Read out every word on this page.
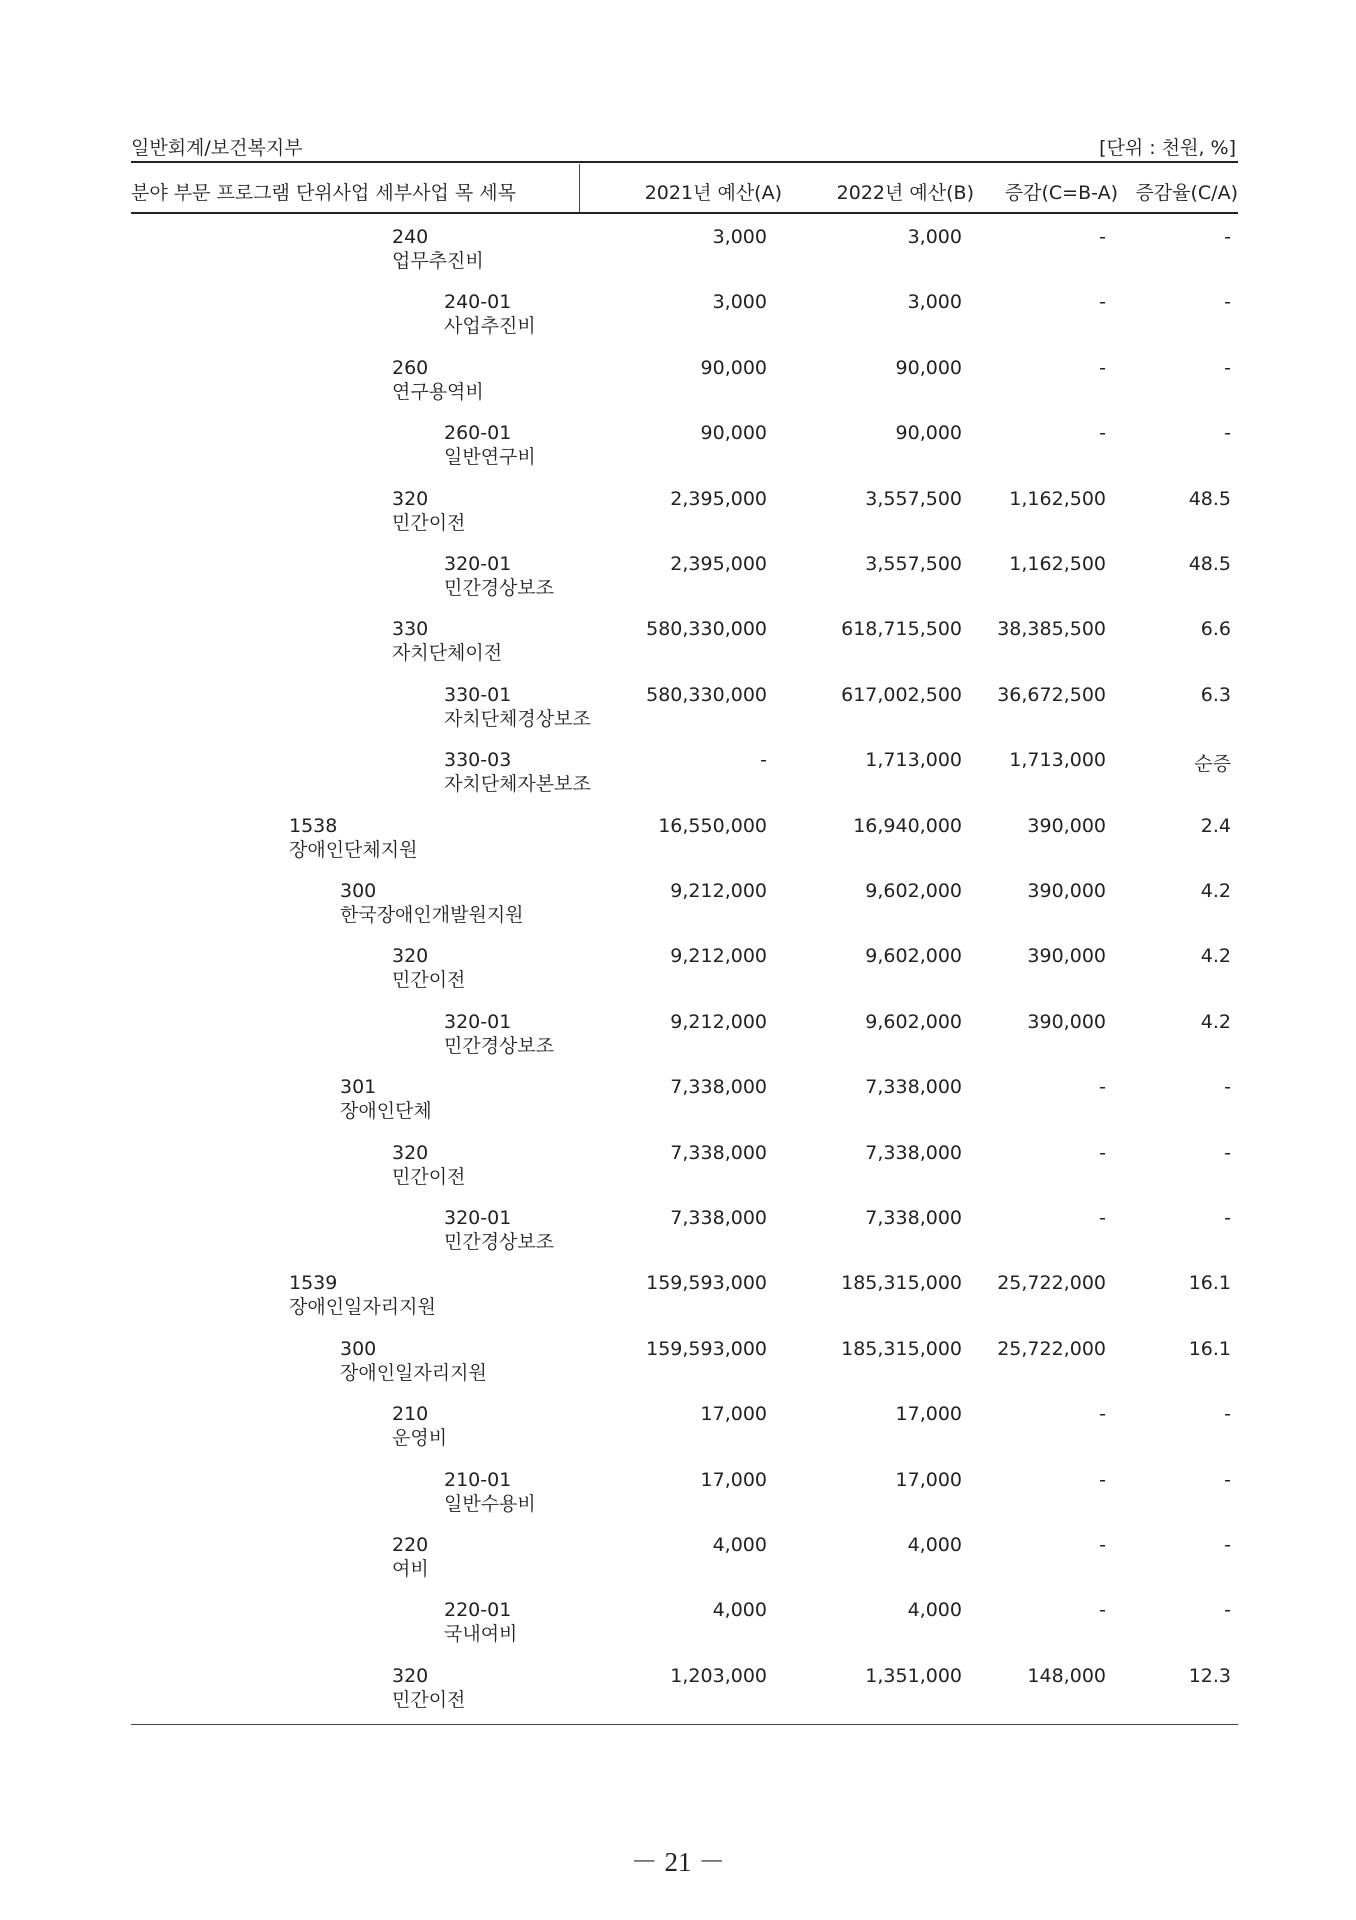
일반회계/보건복지부	[단위 : 천원, %]
분야 부문 프로그램 단위사업 세부사업 목 세목	2021년 예산(A)	2022년 예산(B) 증감(C=B-A) 증감율(C/A)
240
업무추진비
3,000	3,000	-	-
240-01
사업추진비
3,000	3,000	-	-
260
연구용역비
90,000	90,000	-	-
260-01
일반연구비
90,000	90,000	-	-
320
민간이전
2,395,000	3,557,500 1,162,500	48.5
320-01
민간경상보조
2,395,000	3,557,500 1,162,500	48.5
330
자치단체이전
580,330,000	618,715,500 38,385,500	6.6
330-01
자치단체경상보조
580,330,000	617,002,500 36,672,500	6.3
330-03
자치단체자본보조
-	1,713,000 1,713,000	순증
1538
장애인단체지원
16,550,000	16,940,000	390,000	2.4
300
한국장애인개발원지원
9,212,000	9,602,000	390,000	4.2
320
민간이전
9,212,000	9,602,000	390,000	4.2
320-01
민간경상보조
9,212,000	9,602,000	390,000	4.2
301
장애인단체
7,338,000	7,338,000	-	-
320
민간이전
7,338,000	7,338,000	-	-
320-01
민간경상보조
7,338,000	7,338,000	-	-
1539
장애인일자리지원
159,593,000	185,315,000 25,722,000	16.1
300
장애인일자리지원
159,593,000	185,315,000 25,722,000	16.1
210
운영비
17,000	17,000	-	-
210-01
일반수용비
17,000	17,000	-	-
220
여비
4,000	4,000	-	-
220-01
국내여비
4,000	4,000	-	-
320
민간이전
1,203,000	1,351,000	148,000	12.3
－ 21 －
